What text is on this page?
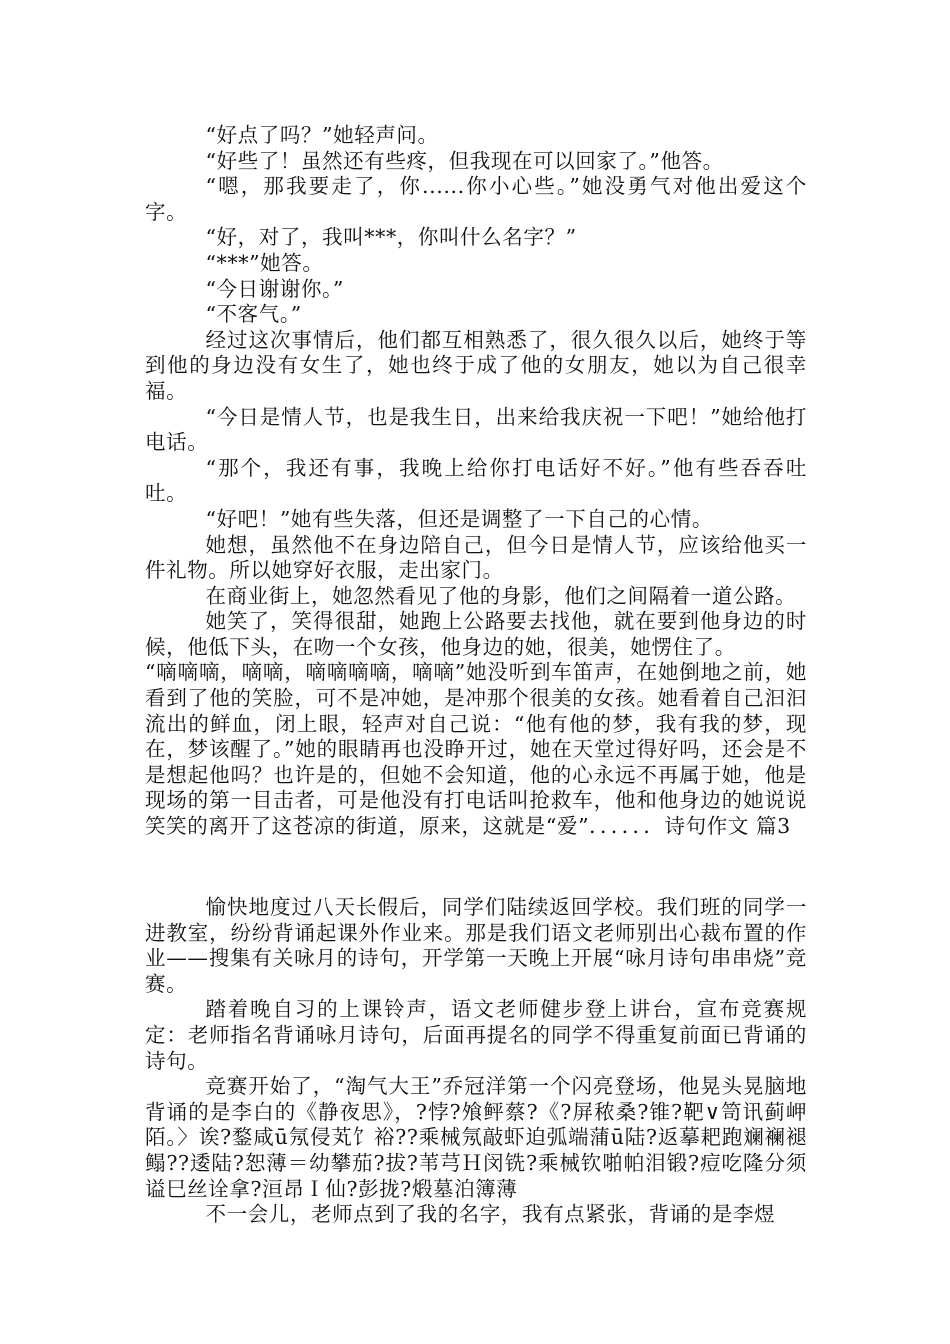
“好点了吗？”她轻声问。

“好些了！虽然还有些疼，但我现在可以回家了。”他答。

“嗯，那我要走了，你......你小心些。”她没勇气对他出爱这个字。

“好，对了，我叫***，你叫什么名字？”

“***”她答。

“今日谢谢你。”

“不客气。”

经过这次事情后，他们都互相熟悉了，很久很久以后，她终于等到他的身边没有女生了，她也终于成了他的女朋友，她以为自己很幸福。

“今日是情人节，也是我生日，出来给我庆祝一下吧！”她给他打电话。

“那个，我还有事，我晚上给你打电话好不好。”他有些吞吞吐吐。

“好吧！”她有些失落，但还是调整了一下自己的心情。

她想，虽然他不在身边陪自己，但今日是情人节，应该给他买一件礼物。所以她穿好衣服，走出家门。

在商业街上，她忽然看见了他的身影，他们之间隔着一道公路。

她笑了，笑得很甜，她跑上公路要去找他，就在要到他身边的时候，他低下头，在吻一个女孩，他身边的她，很美，她愣住了。

“嘀嘀嘀，嘀嘀，嘀嘀嘀嘀，嘀嘀”她没听到车笛声，在她倒地之前，她看到了他的笑脸，可不是冲她，是冲那个很美的女孩。她看着自己汩汩流出的鲜血，闭上眼，轻声对自己说：“他有他的梦，我有我的梦，现在，梦该醒了。”她的眼睛再也没睁开过，她在天堂过得好吗，还会是不是想起他吗？也许是的，但她不会知道，他的心永远不再属于她，他是现场的第一目击者，可是他没有打电话叫抢救车，他和他身边的她说说笑笑的离开了这苍凉的街道，原来，这就是“爱”．．．．．．诗句作文 篇3

愉快地度过八天长假后，同学们陆续返回学校。我们班的同学一进教室，纷纷背诵起课外作业来。那是我们语文老师别出心裁布置的作业——搜集有关咏月的诗句，开学第一天晚上开展“咏月诗句串串烧”竞赛。

踏着晚自习的上课铃声，语文老师健步登上讲台，宣布竞赛规定：老师指名背诵咏月诗句，后面再提名的同学不得重复前面已背诵的诗句。

竞赛开始了，“淘气大王”乔冠洋第一个闪亮登场，他晃头晃脑地背诵的是李白的《静夜思》，?悖?飧鲆蔡?《?屏秾桑?锥?靶∨笥讯蓟岬陌。〉诶?鍪咸ū氖侵芄饣裕??乘械氖敲虾迫弧端蒲ū陆?返摹耙跑斓襕褪鳎??逶陆?恕薄＝幼攀茄?拔?苇芎Ｈ闵铣?乘械钦啪帕泪锻?痘吃隆分须谥巳丝诠拿?洹昂Ｉ仙?彭拢?煅墓泊簿薄

不一会儿，老师点到了我的名字，我有点紧张，背诵的是李煜
